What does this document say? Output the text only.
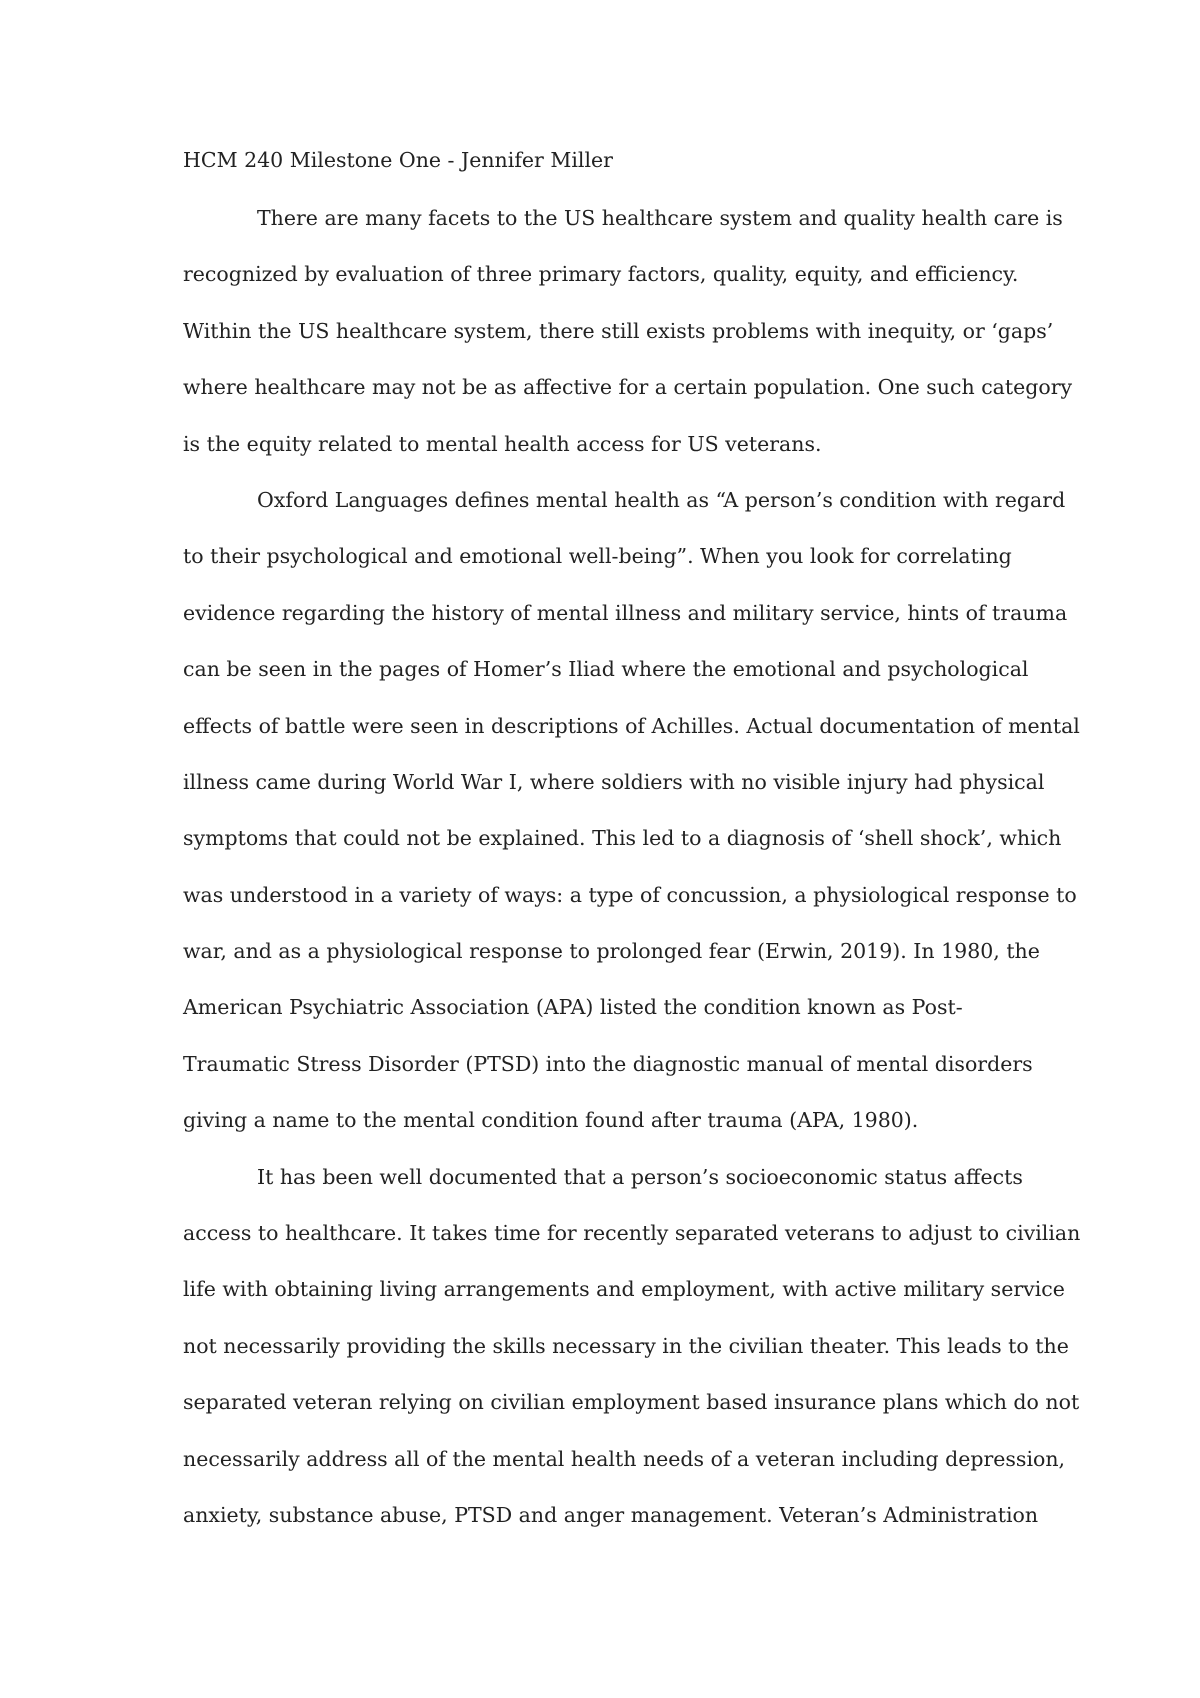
HCM 240 Milestone One - Jennifer Miller
There are many facets to the US healthcare system and quality health care is
recognized by evaluation of three primary factors, quality, equity, and efficiency.
Within the US healthcare system, there still exists problems with inequity, or ‘gaps’
where healthcare may not be as affective for a certain population. One such category
is the equity related to mental health access for US veterans.
Oxford Languages defines mental health as “A person’s condition with regard
to their psychological and emotional well-being”. When you look for correlating
evidence regarding the history of mental illness and military service, hints of trauma
can be seen in the pages of Homer’s Iliad where the emotional and psychological
effects of battle were seen in descriptions of Achilles. Actual documentation of mental
illness came during World War I, where soldiers with no visible injury had physical
symptoms that could not be explained. This led to a diagnosis of ‘shell shock’, which
was understood in a variety of ways: a type of concussion, a physiological response to
war, and as a physiological response to prolonged fear (Erwin, 2019). In 1980, the
American Psychiatric Association (APA) listed the condition known as Post-
Traumatic Stress Disorder (PTSD) into the diagnostic manual of mental disorders
giving a name to the mental condition found after trauma (APA, 1980).
It has been well documented that a person’s socioeconomic status affects
access to healthcare. It takes time for recently separated veterans to adjust to civilian
life with obtaining living arrangements and employment, with active military service
not necessarily providing the skills necessary in the civilian theater. This leads to the
separated veteran relying on civilian employment based insurance plans which do not
necessarily address all of the mental health needs of a veteran including depression,
anxiety, substance abuse, PTSD and anger management. Veteran’s Administration
